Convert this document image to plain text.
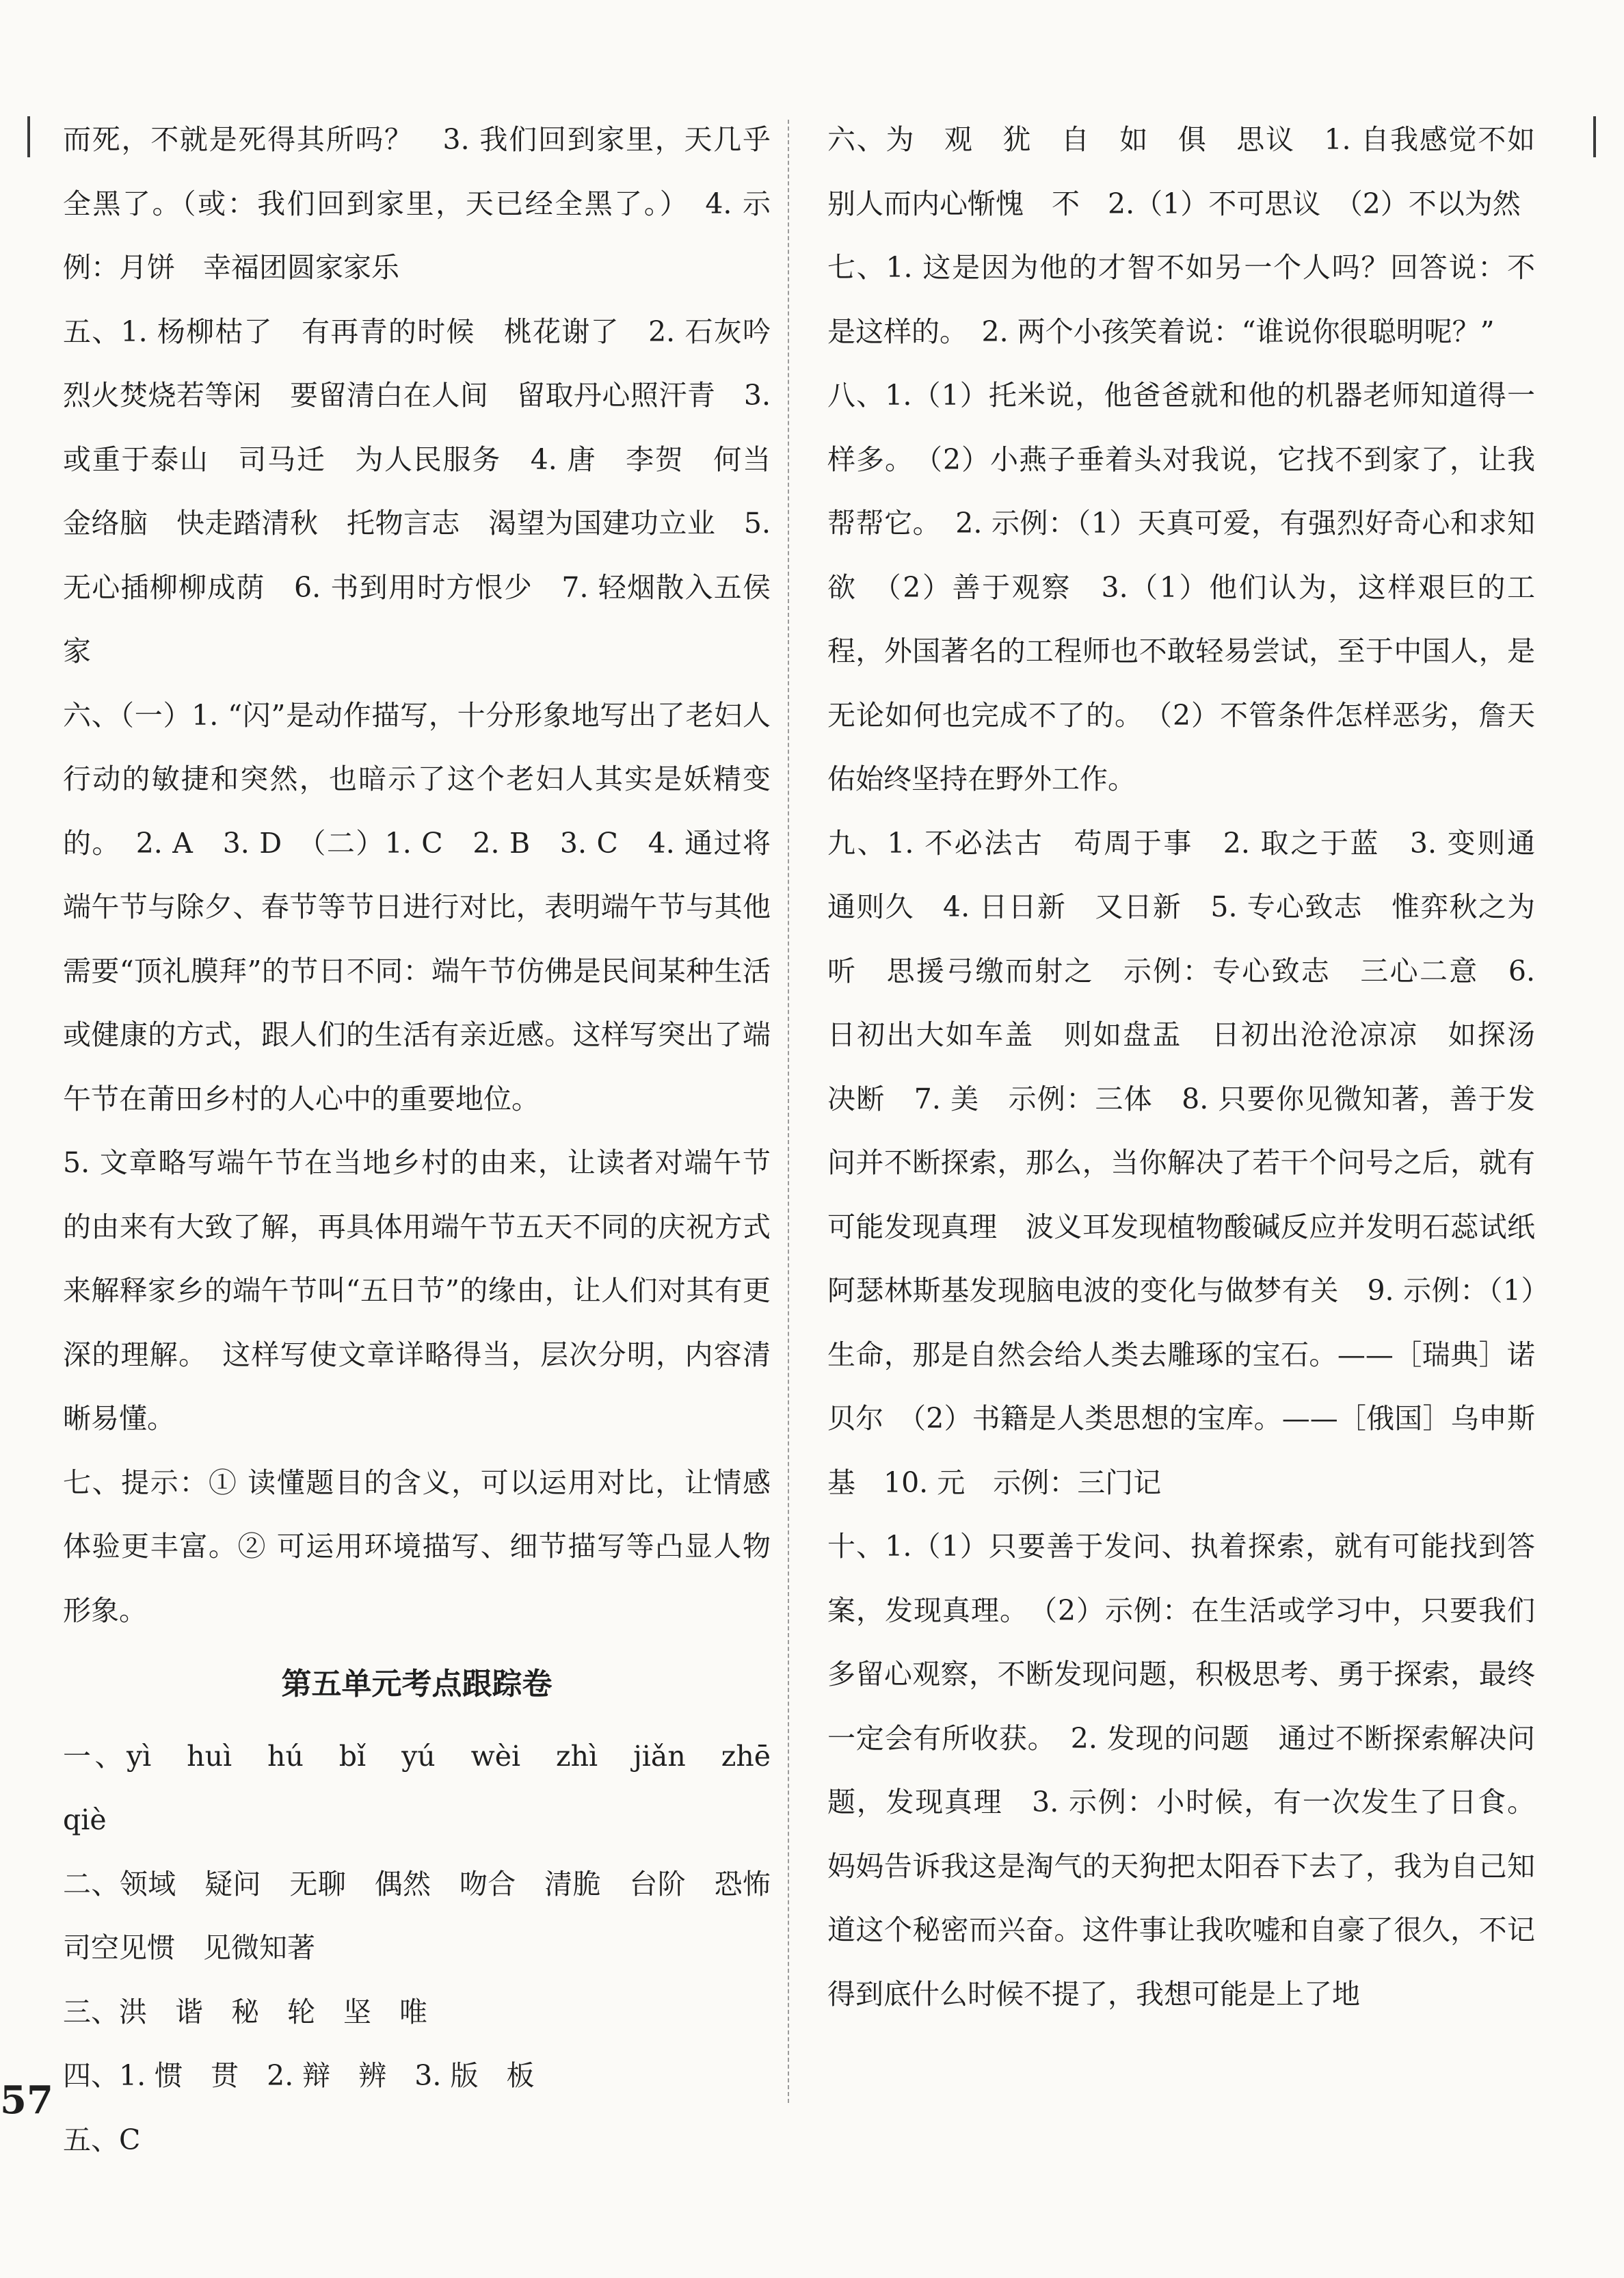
而死，不就是死得其所吗？　3. 我们回到家里，天几乎全黑了。（或：我们回到家里，天已经全黑了。）　4. 示例：月饼　幸福团圆家家乐

五、1. 杨柳枯了　有再青的时候　桃花谢了　2. 石灰吟　烈火焚烧若等闲　要留清白在人间　留取丹心照汗青　3. 或重于泰山　司马迁　为人民服务　4. 唐　李贺　何当金络脑　快走踏清秋　托物言志　渴望为国建功立业　5. 无心插柳柳成荫　6. 书到用时方恨少　7. 轻烟散入五侯家

六、（一）1. “闪”是动作描写，十分形象地写出了老妇人行动的敏捷和突然，也暗示了这个老妇人其实是妖精变的。　2. A　3. D　（二）1. C　2. B　3. C　4. 通过将端午节与除夕、春节等节日进行对比，表明端午节与其他需要“顶礼膜拜”的节日不同：端午节仿佛是民间某种生活或健康的方式，跟人们的生活有亲近感。这样写突出了端午节在莆田乡村的人心中的重要地位。

5. 文章略写端午节在当地乡村的由来，让读者对端午节的由来有大致了解，再具体用端午节五天不同的庆祝方式来解释家乡的端午节叫“五日节”的缘由，让人们对其有更深的理解。　这样写使文章详略得当，层次分明，内容清晰易懂。

七、提示：① 读懂题目的含义，可以运用对比，让情感体验更丰富。② 可运用环境描写、细节描写等凸显人物形象。

第五单元考点跟踪卷

一、yì　huì　hú　bǐ　yú　wèi　zhì　jiǎn　zhē　qiè

二、领域　疑问　无聊　偶然　吻合　清脆　台阶　恐怖　司空见惯　见微知著

三、洪　谐　秘　轮　坚　唯

四、1. 惯　贯　2. 辩　辨　3. 版　板

五、C

六、为　观　犹　自　如　俱　思议　1. 自我感觉不如别人而内心惭愧　不　2.（1）不可思议　（2）不以为然

七、1. 这是因为他的才智不如另一个人吗？回答说：不是这样的。　2. 两个小孩笑着说：“谁说你很聪明呢？”

八、1.（1）托米说，他爸爸就和他的机器老师知道得一样多。　（2）小燕子垂着头对我说，它找不到家了，让我帮帮它。　2. 示例：（1）天真可爱，有强烈好奇心和求知欲　（2）善于观察　3.（1）他们认为，这样艰巨的工程，外国著名的工程师也不敢轻易尝试，至于中国人，是无论如何也完成不了的。　（2）不管条件怎样恶劣，詹天佑始终坚持在野外工作。

九、1. 不必法古　苟周于事　2. 取之于蓝　3. 变则通　通则久　4. 日日新　又日新　5. 专心致志　惟弈秋之为听　思援弓缴而射之　示例：专心致志　三心二意　6. 日初出大如车盖　则如盘盂　日初出沧沧凉凉　如探汤　决断　7. 美　示例：三体　8. 只要你见微知著，善于发问并不断探索，那么，当你解决了若干个问号之后，就有可能发现真理　波义耳发现植物酸碱反应并发明石蕊试纸　阿瑟林斯基发现脑电波的变化与做梦有关　9. 示例：（1）生命，那是自然会给人类去雕琢的宝石。——［瑞典］诺贝尔　（2）书籍是人类思想的宝库。——［俄国］乌申斯基　10. 元　示例：三门记

十、1.（1）只要善于发问、执着探索，就有可能找到答案，发现真理。　（2）示例：在生活或学习中，只要我们多留心观察，不断发现问题，积极思考、勇于探索，最终一定会有所收获。　2. 发现的问题　通过不断探索解决问题，发现真理　3. 示例：小时候，有一次发生了日食。妈妈告诉我这是淘气的天狗把太阳吞下去了，我为自己知道这个秘密而兴奋。这件事让我吹嘘和自豪了很久，不记得到底什么时候不提了，我想可能是上了地

57
